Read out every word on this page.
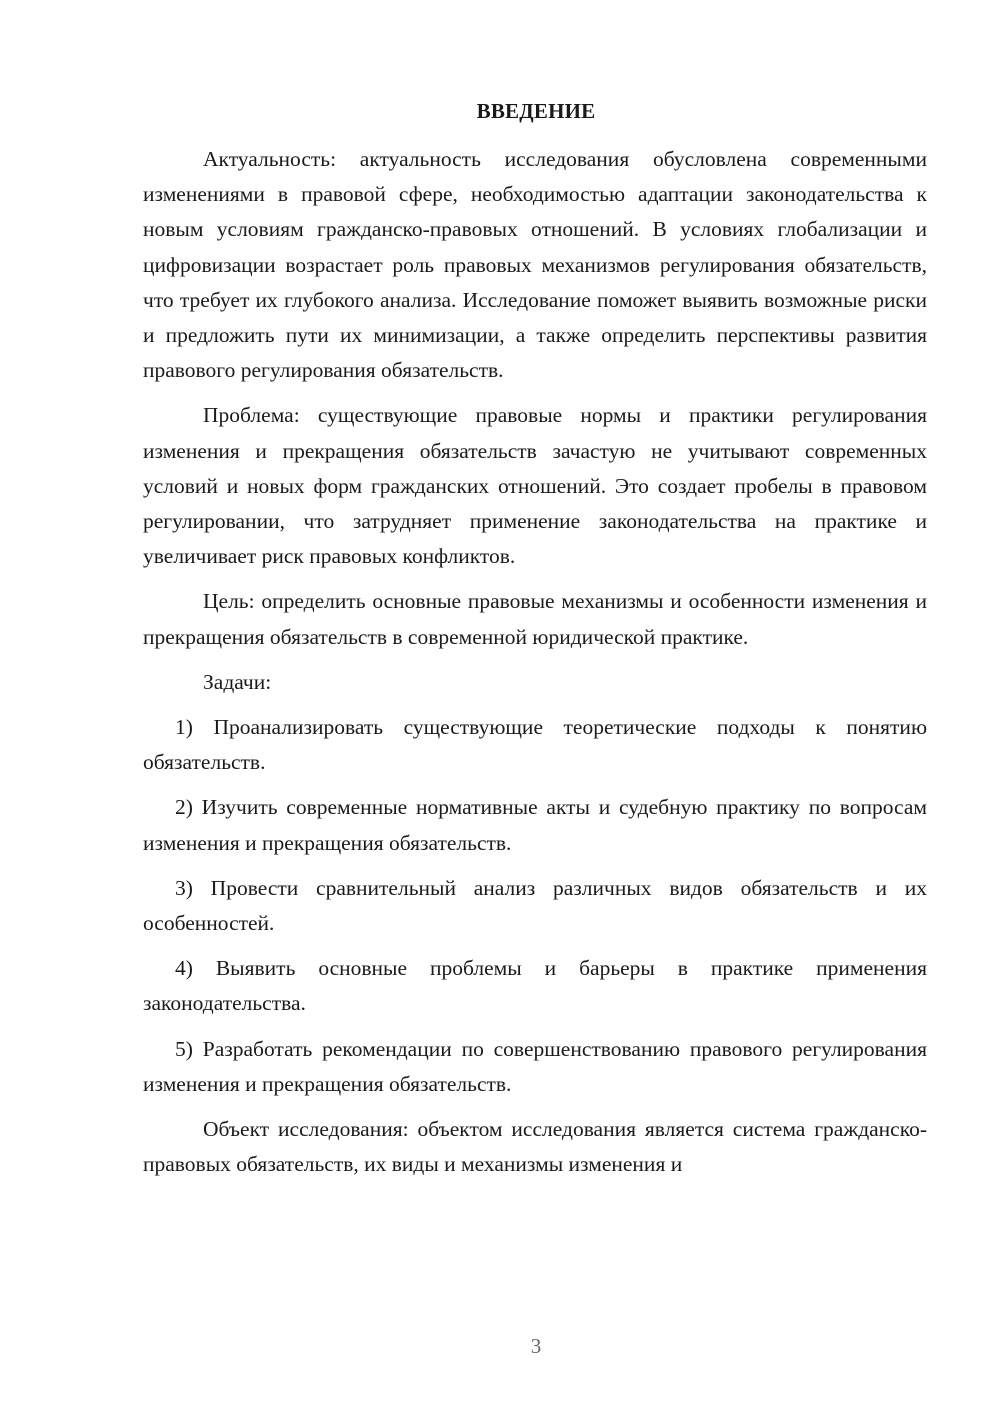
ВВЕДЕНИЕ

Актуальность: актуальность исследования обусловлена современными изменениями в правовой сфере, необходимостью адаптации законодательства к новым условиям гражданско-правовых отношений. В условиях глобализации и цифровизации возрастает роль правовых механизмов регулирования обязательств, что требует их глубокого анализа. Исследование поможет выявить возможные риски и предложить пути их минимизации, а также определить перспективы развития правового регулирования обязательств.

Проблема: существующие правовые нормы и практики регулирования изменения и прекращения обязательств зачастую не учитывают современных условий и новых форм гражданских отношений. Это создает пробелы в правовом регулировании, что затрудняет применение законодательства на практике и увеличивает риск правовых конфликтов.

Цель: определить основные правовые механизмы и особенности изменения и прекращения обязательств в современной юридической практике.

Задачи:

1) Проанализировать существующие теоретические подходы к понятию обязательств.

2) Изучить современные нормативные акты и судебную практику по вопросам изменения и прекращения обязательств.

3) Провести сравнительный анализ различных видов обязательств и их особенностей.

4) Выявить основные проблемы и барьеры в практике применения законодательства.

5) Разработать рекомендации по совершенствованию правового регулирования изменения и прекращения обязательств.

Объект исследования: объектом исследования является система гражданско-правовых обязательств, их виды и механизмы изменения и

3
